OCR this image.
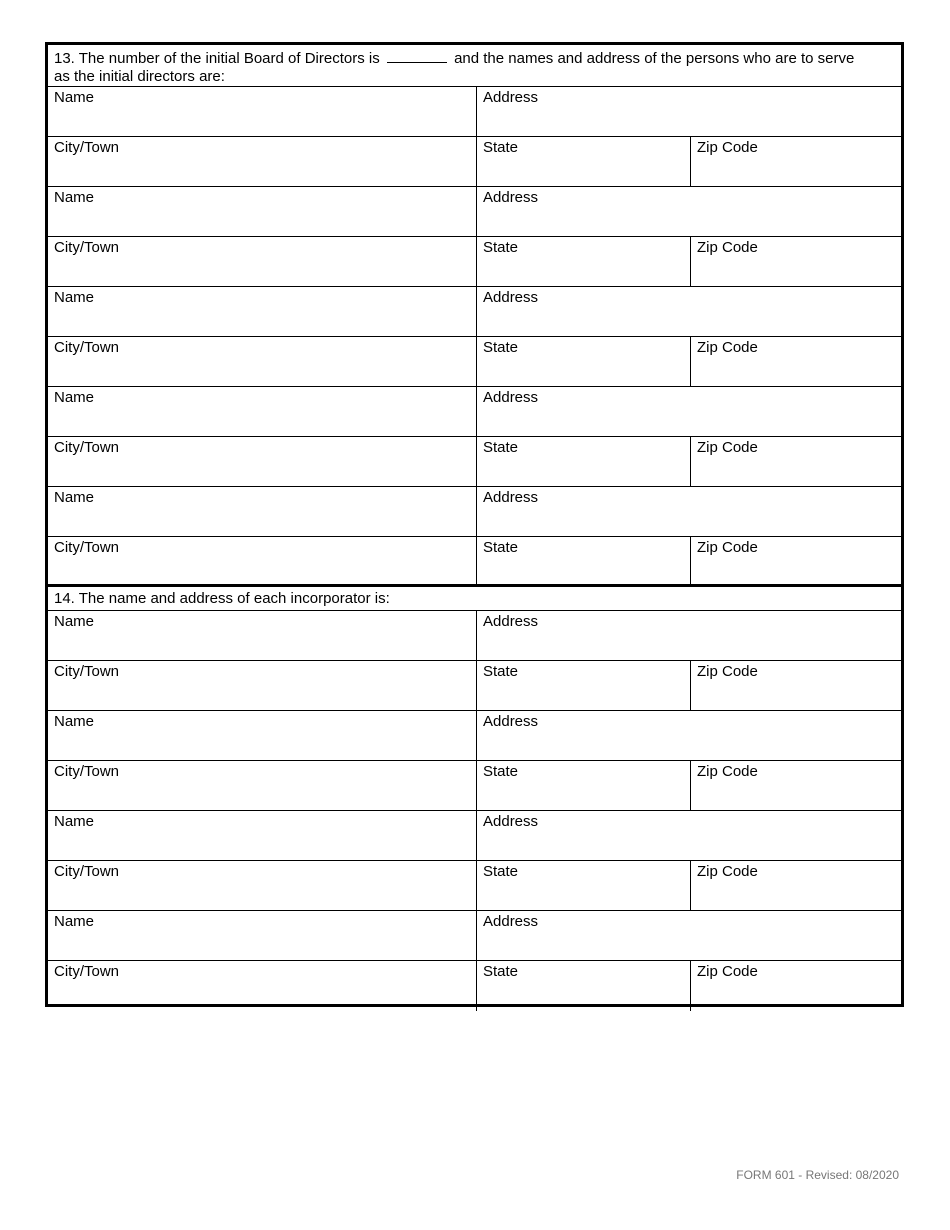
13. The number of the initial Board of Directors is	and the names and address of the persons who are to serve
as the initial directors are:
Name	Address
City/Town	State	Zip Code
Name	Address
City/Town	State	Zip Code
Name	Address
City/Town	State	Zip Code
Name	Address
City/Town	State	Zip Code
Name	Address
City/Town	State	Zip Code
14. The name and address of each incorporator is:
Name	Address
City/Town	State	Zip Code
Name	Address
City/Town	State	Zip Code
Name	Address
City/Town	State	Zip Code
Name	Address
City/Town	State	Zip Code
FORM 601 - Revised: 08/2020
